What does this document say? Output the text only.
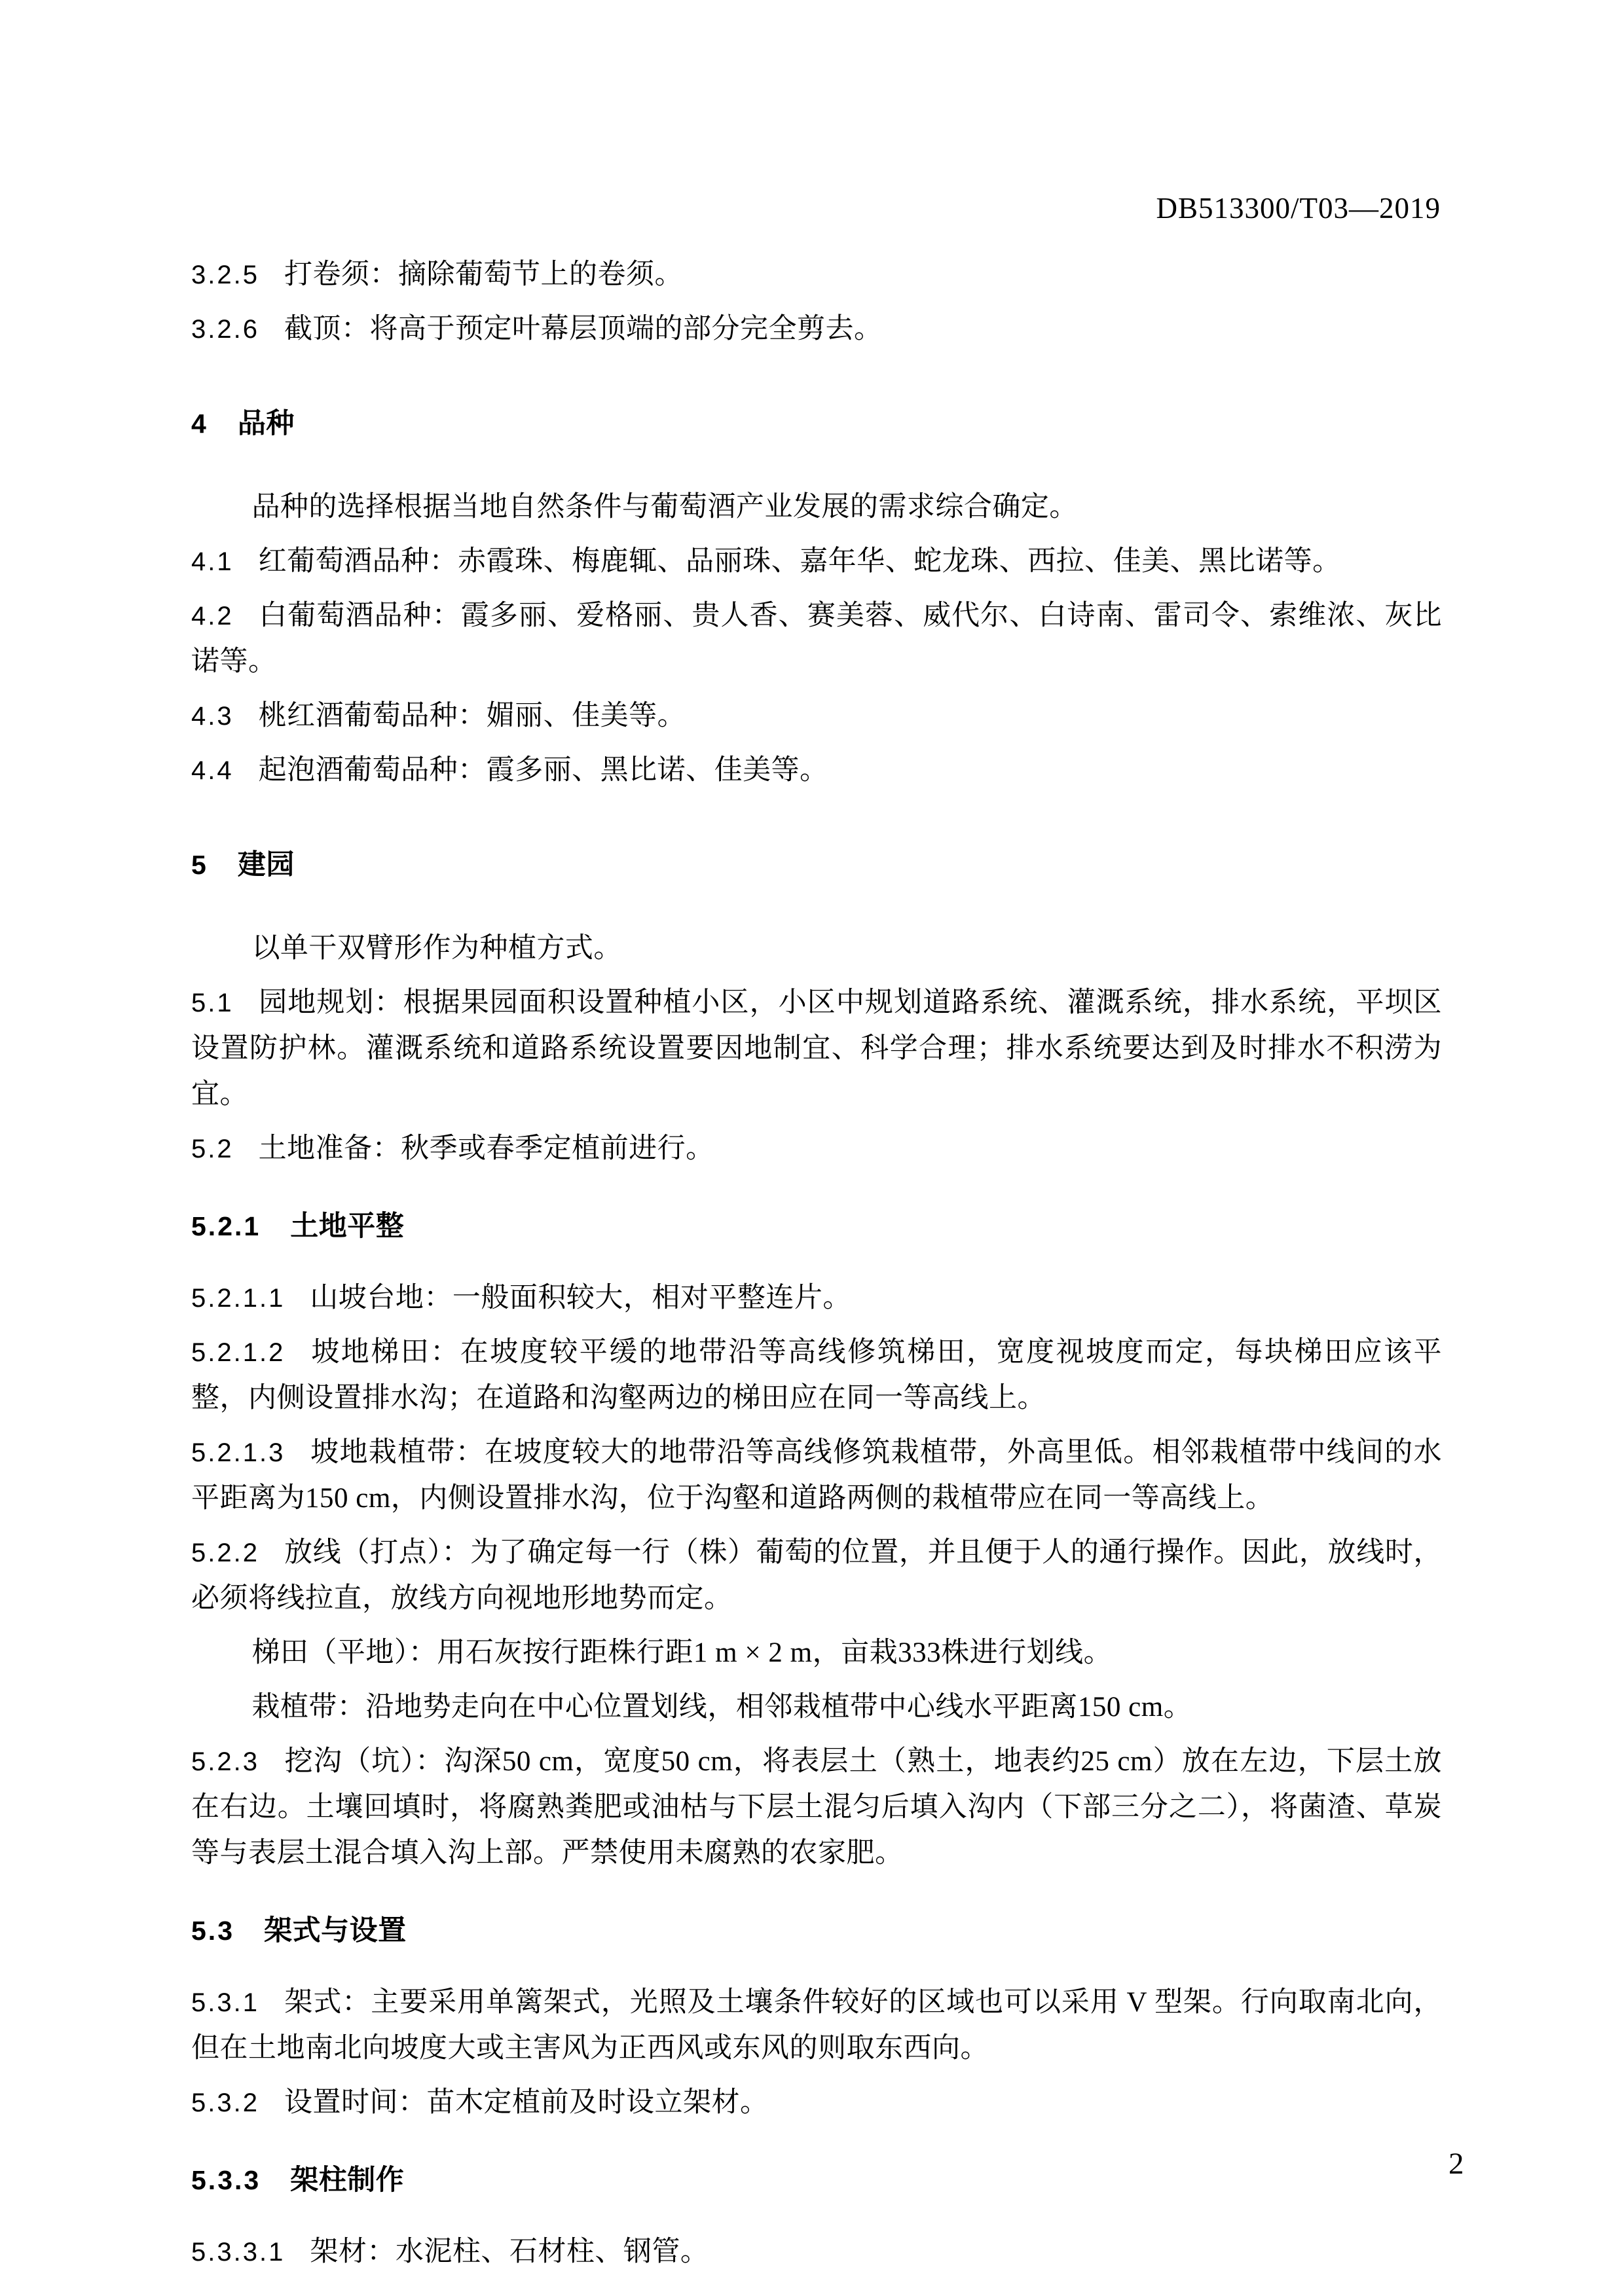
DB513300/T03—2019

3.2.5 打卷须：摘除葡萄节上的卷须。

3.2.6 截顶：将高于预定叶幕层顶端的部分完全剪去。

4 品种

品种的选择根据当地自然条件与葡萄酒产业发展的需求综合确定。

4.1 红葡萄酒品种：赤霞珠、梅鹿辄、品丽珠、嘉年华、蛇龙珠、西拉、佳美、黑比诺等。

4.2 白葡萄酒品种：霞多丽、爱格丽、贵人香、赛美蓉、威代尔、白诗南、雷司令、索维浓、灰比诺等。

4.3 桃红酒葡萄品种：媚丽、佳美等。

4.4 起泡酒葡萄品种：霞多丽、黑比诺、佳美等。

5 建园

以单干双臂形作为种植方式。

5.1 园地规划：根据果园面积设置种植小区，小区中规划道路系统、灌溉系统，排水系统，平坝区设置防护林。灌溉系统和道路系统设置要因地制宜、科学合理；排水系统要达到及时排水不积涝为宜。

5.2 土地准备：秋季或春季定植前进行。

5.2.1 土地平整

5.2.1.1 山坡台地：一般面积较大，相对平整连片。

5.2.1.2 坡地梯田：在坡度较平缓的地带沿等高线修筑梯田，宽度视坡度而定，每块梯田应该平整，内侧设置排水沟；在道路和沟壑两边的梯田应在同一等高线上。

5.2.1.3 坡地栽植带：在坡度较大的地带沿等高线修筑栽植带，外高里低。相邻栽植带中线间的水平距离为150 cm，内侧设置排水沟，位于沟壑和道路两侧的栽植带应在同一等高线上。

5.2.2 放线（打点）：为了确定每一行（株）葡萄的位置，并且便于人的通行操作。因此，放线时，必须将线拉直，放线方向视地形地势而定。

梯田（平地）：用石灰按行距株行距1 m × 2 m，亩栽333株进行划线。

栽植带：沿地势走向在中心位置划线，相邻栽植带中心线水平距离150 cm。

5.2.3 挖沟（坑）：沟深50 cm，宽度50 cm，将表层土（熟土，地表约25 cm）放在左边，下层土放在右边。土壤回填时，将腐熟粪肥或油枯与下层土混匀后填入沟内（下部三分之二），将菌渣、草炭等与表层土混合填入沟上部。严禁使用未腐熟的农家肥。

5.3 架式与设置

5.3.1 架式：主要采用单篱架式，光照及土壤条件较好的区域也可以采用 V 型架。行向取南北向，但在土地南北向坡度大或主害风为正西风或东风的则取东西向。

5.3.2 设置时间：苗木定植前及时设立架材。

5.3.3 架柱制作

5.3.3.1 架材：水泥柱、石材柱、钢管。

2
